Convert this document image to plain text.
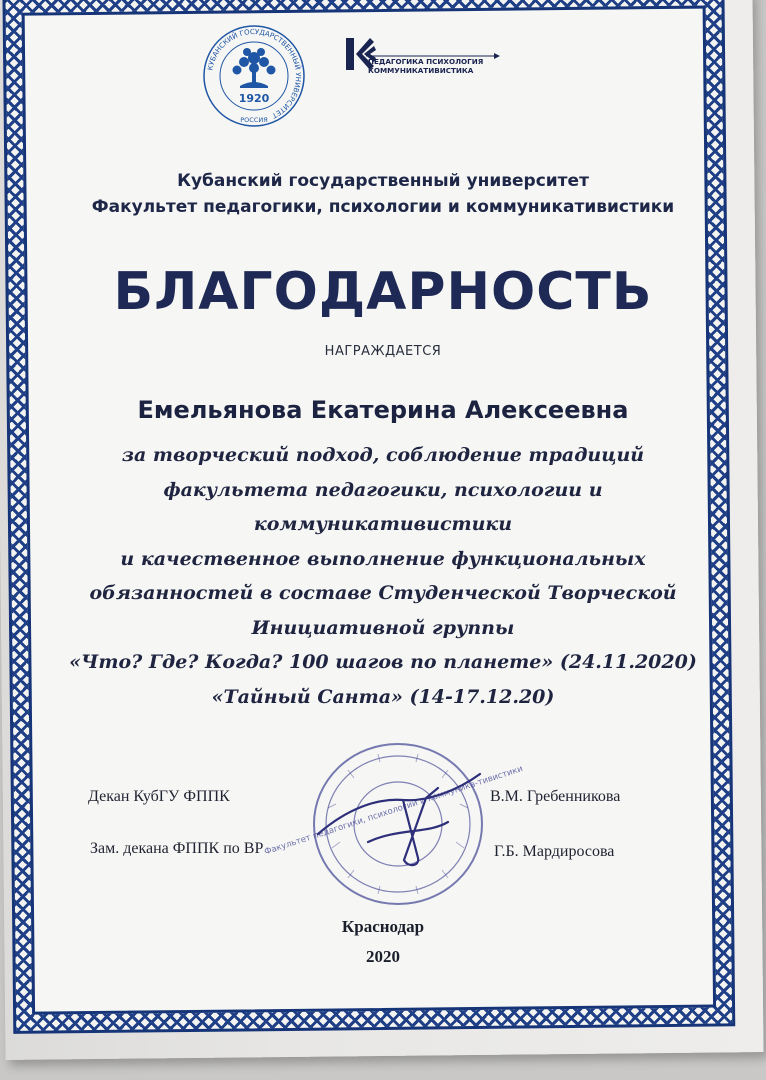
КУБАНСКИЙ ГОСУДАРСТВЕННЫЙ УНИВЕРСИТЕТ
РОССИЯ
1920
ПЕДАГОГИКА ПСИХОЛОГИЯ
КОММУНИКАТИВИСТИКА
Кубанский государственный университет
Факультет педагогики, психологии и коммуникативистики
БЛАГОДАРНОСТЬ
НАГРАЖДАЕТСЯ
Емельянова Екатерина Алексеевна
за творческий подход, соблюдение традиций
факультета педагогики, психологии и
коммуникативистики
и качественное выполнение функциональных
обязанностей в составе Студенческой Творческой
Инициативной группы
«Что? Где? Когда? 100 шагов по планете» (24.11.2020)
«Тайный Санта» (14-17.12.20)
Факультет педагогики, психологии и коммуника-тивистики
Декан КубГУ ФППК	В.М. Гребенникова
Зам. декана ФППК по ВР	Г.Б. Мардиросова
Краснодар
2020
